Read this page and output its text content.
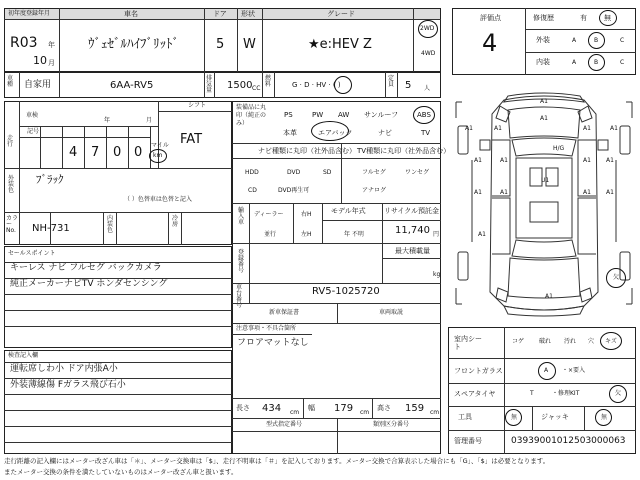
初年度登録年月	車名	ドア 形状	グレード
R03 年
10 月
ｳﾞｪｾﾞﾙﾊｲﾌﾞﾘｯﾄﾞ	5 W	★e:HEV Z
2WD
4WD
車種	自家用	6AA-RV5
排気量 1500 CC
燃料	G · D · HV · ( )
定員 5 人
車検
年	月
シフト
FAT
走行
記号
4 7 0 0 マイル
km
外装色
ﾌﾞﾗｯｸ
（ ）色替車は色替と記入
カラーNo. NH-731
内装色
冷房
セールスポイント
キーレス ナビ フルセグ バックカメラ
純正メーカーナビTV ホンダセンシング
検査記入欄
運転席しわ小 ドア内張A小
外装薄線傷 Fガラス飛び石小
装備品に丸印（純正のみ）
PS	PW AW サンルーフ	ABS
本革	エアバック	ナビ	TV
ナビ種類に丸印（社外品含む） TV種類に丸印（社外品含む）
HDD	DVD	SD
CD	DVD再生可
フルセグ	ワンセグ
アナログ
輸入車
ディーラー
並行
右H
左H
モデル年式
年 不明
リサイクル預託金
11,740 円
登録番号
最大積載量
kg
車台番号
RV5-1025720
新車保証書	車両取説
注意事項・不具合箇所
フロアマットなし
長さ 434 cm
幅 179 cm
高さ 159 cm
型式指定番号	類別区分番号
評価点
4
修復歴	有 無
外装	A	B	C
内装	A	B	C
A1
A1
A1	A1	A1	A1
A1	A1	A1	A1
H/G
U1
A1	A1	A1	A1
A1
A1
欠
室内シート
コゲ 破れ 汚れ 穴 キズ
フロントガラス	A ・×要入
スペアタイヤ	T	・修理KIT	欠
工具	無	ジャッキ	無
管理番号	03939001012503000063
走行距離の記入欄にはメーター改ざん車は「＊」、メーター交換車は「$」、走行不明車は「＃」を記入しております。メーター交換で合算表示した場合にも「G」、「$」は必要となります。
またメーター交換の条件を満たしていないものはメーター改ざん車と扱います。
